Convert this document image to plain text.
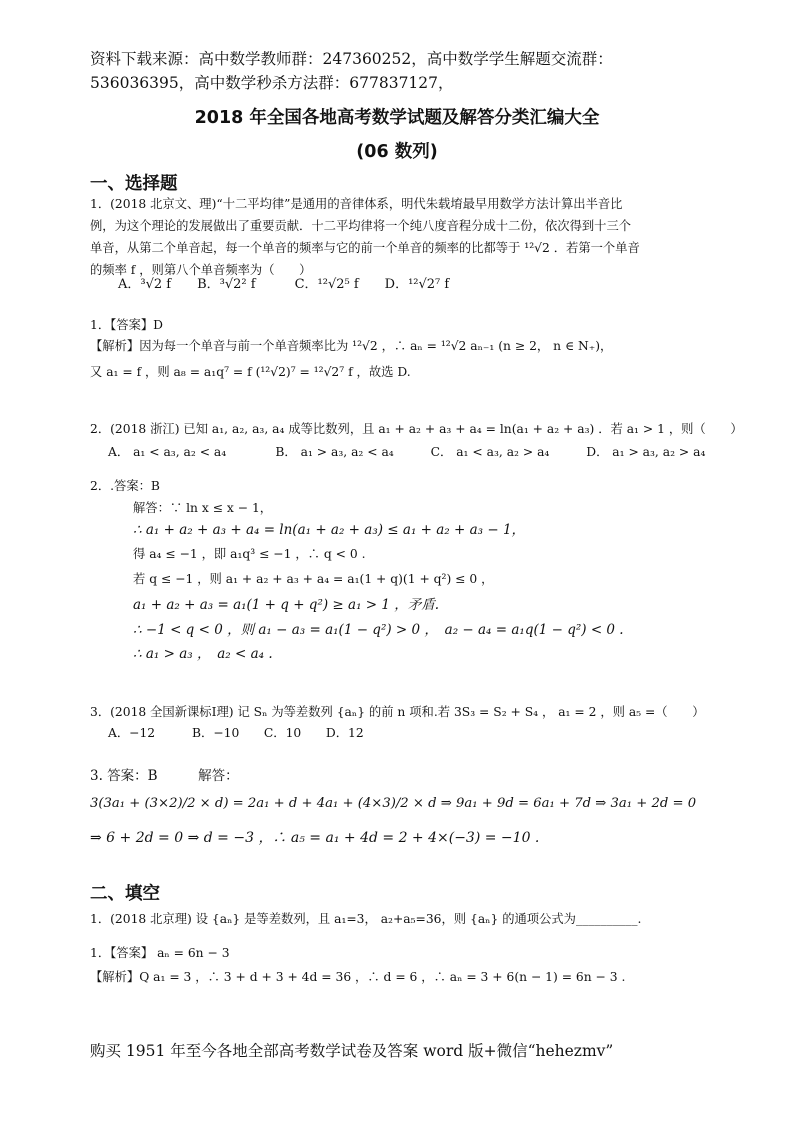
资料下载来源：高中数学教师群：247360252，高中数学学生解题交流群：
536036395，高中数学秒杀方法群：677837127，
2018 年全国各地高考数学试题及解答分类汇编大全
(06 数列)
一、选择题
1．(2018 北京文、理)“十二平均律”是通用的音律体系，明代朱载堉最早用数学方法计算出半音比
例，为这个理论的发展做出了重要贡献．十二平均律将一个纯八度音程分成十二份，依次得到十三个
单音，从第二个单音起，每一个单音的频率与它的前一个单音的频率的比都等于 ¹²√2 ．若第一个单音
的频率 f ，则第八个单音频率为（　　）
A．³√2 f　　B．³√2² f　　　C．¹²√2⁵ f　　D．¹²√2⁷ f
1．【答案】D
【解析】因为每一个单音与前一个单音频率比为 ¹²√2 ，∴ aₙ = ¹²√2 aₙ₋₁ (n ≥ 2， n ∈ N₊)，
又 a₁ = f ，则 a₈ = a₁q⁷ = f (¹²√2)⁷ = ¹²√2⁷ f ，故选 D.
2．(2018 浙江) 已知 a₁, a₂, a₃, a₄ 成等比数列，且 a₁ + a₂ + a₃ + a₄ = ln(a₁ + a₂ + a₃) ．若 a₁ > 1 ，则（　　）
A． a₁ < a₃, a₂ < a₄　　　　B． a₁ > a₃, a₂ < a₄　　　C． a₁ < a₃, a₂ > a₄　　　D． a₁ > a₃, a₂ > a₄
2．.答案：B
解答：∵ ln x ≤ x − 1，
∴ a₁ + a₂ + a₃ + a₄ = ln(a₁ + a₂ + a₃) ≤ a₁ + a₂ + a₃ − 1，
得 a₄ ≤ −1 ，即 a₁q³ ≤ −1 ，∴ q < 0 .
若 q ≤ −1 ，则 a₁ + a₂ + a₃ + a₄ = a₁(1 + q)(1 + q²) ≤ 0 ，
a₁ + a₂ + a₃ = a₁(1 + q + q²) ≥ a₁ > 1 ，矛盾.
∴ −1 < q < 0 ，则 a₁ − a₃ = a₁(1 − q²) > 0 ，　a₂ − a₄ = a₁q(1 − q²) < 0 .
∴ a₁ > a₃ ，　a₂ < a₄ .
3．(2018 全国新课标Ⅰ理) 记 Sₙ 为等差数列 {aₙ} 的前 n 项和.若 3S₃ = S₂ + S₄ ， a₁ = 2 ，则 a₅ =（　　）
A．−12　　　B．−10　　C．10　　D．12
3. 答案：B　　　解答：
3(3a₁ + (3×2)/2 × d) = 2a₁ + d + 4a₁ + (4×3)/2 × d ⇒ 9a₁ + 9d = 6a₁ + 7d ⇒ 3a₁ + 2d = 0
⇒ 6 + 2d = 0 ⇒ d = −3 ，∴ a₅ = a₁ + 4d = 2 + 4×(−3) = −10 .
二、填空
1．(2018 北京理) 设 {aₙ} 是等差数列，且 a₁=3， a₂+a₅=36，则 {aₙ} 的通项公式为__________.
1．【答案】 aₙ = 6n − 3
【解析】Q a₁ = 3 ，∴ 3 + d + 3 + 4d = 36 ，∴ d = 6 ，∴ aₙ = 3 + 6(n − 1) = 6n − 3 .
购买 1951 年至今各地全部高考数学试卷及答案 word 版+微信“hehezmv”
